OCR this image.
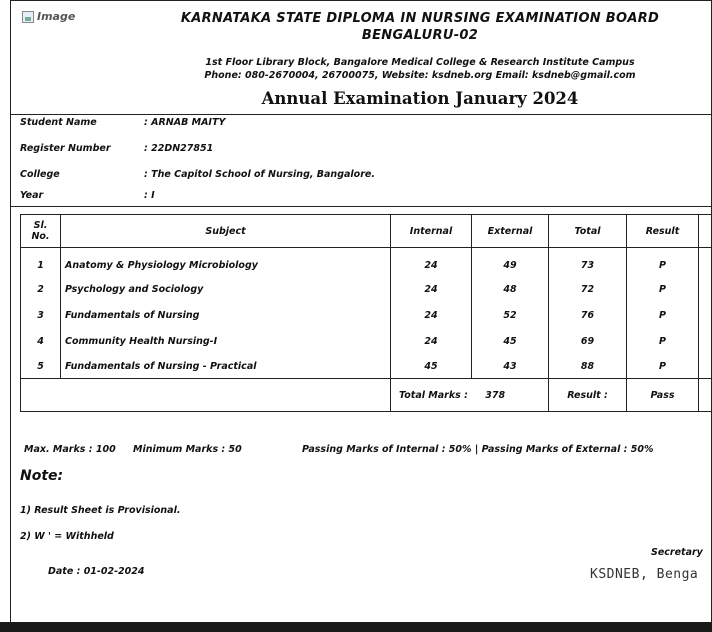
Image	KARNATAKA STATE DIPLOMA IN NURSING EXAMINATION BOARD
BENGALURU-02
1st Floor Library Block, Bangalore Medical College & Research Institute Campus
Phone: 080-2670004, 26700075, Website: ksdneb.org Email: ksdneb@gmail.com
Annual Examination January 2024
Student Name	: ARNAB MAITY
Register Number	: 22DN27851
College	: The Capitol School of Nursing, Bangalore.
Year	: I
Sl. No.	Subject	Internal	External	Total	Result	
1	Anatomy & Physiology Microbiology	24	49	73	P	
2	Psychology and Sociology	24	48	72	P	
3	Fundamentals of Nursing	24	52	76	P	
4	Community Health Nursing-I	24	45	69	P	
5	Fundamentals of Nursing - Practical	45	43	88	P	
		Total Marks : 378		Result :	Pass	
Max. Marks : 100 Minimum Marks : 50	Passing Marks of Internal : 50% | Passing Marks of External : 50%
Note:
1) Result Sheet is Provisional.
2) W ' = Withheld
Date : 01-02-2024
Secretary
KSDNEB, Benga
